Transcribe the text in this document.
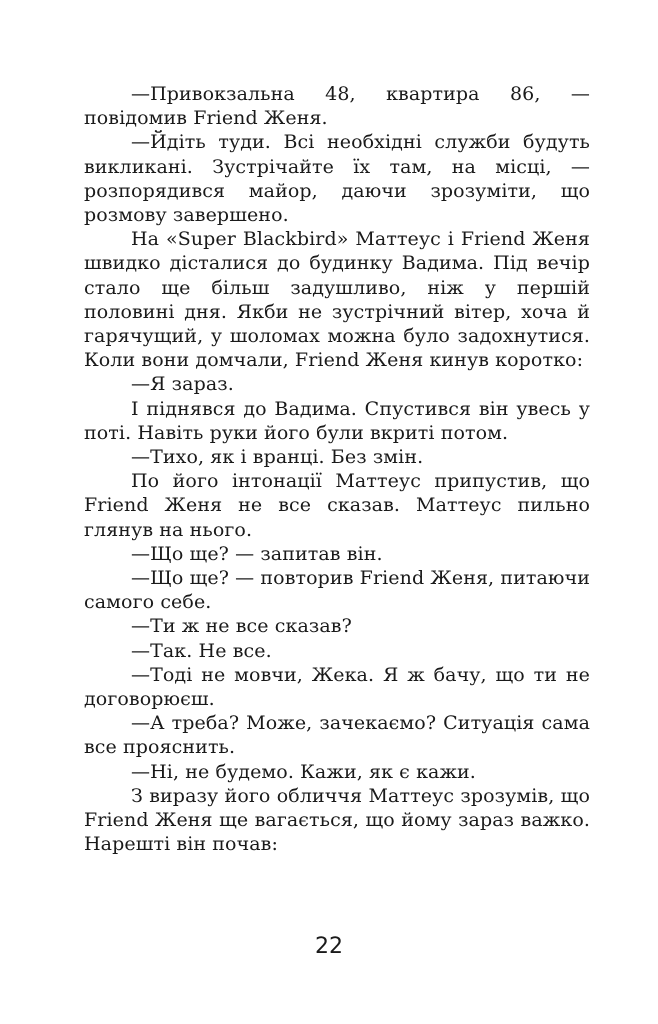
—Привокзальна 48, квартира 86, — повідомив Friend Женя.

—Йдіть туди. Всі необхідні служби будуть викликані. Зустрічайте їх там, на місці, — розпорядився майор, даючи зрозуміти, що розмову завершено.

На «Super Blackbird» Маттеус і Friend Женя швидко дісталися до будинку Вадима. Під вечір стало ще більш задушливо, ніж у першій половині дня. Якби не зустрічний вітер, хоча й гарячущий, у шоломах можна було задохнутися. Коли вони домчали, Friend Женя кинув коротко:

—Я зараз.

І піднявся до Вадима. Спустився він увесь у поті. Навіть руки його були вкриті потом.

—Тихо, як і вранці. Без змін.

По його інтонації Маттеус припустив, що Friend Женя не все сказав. Маттеус пильно глянув на нього.

—Що ще? — запитав він.

—Що ще? — повторив Friend Женя, питаючи самого себе.

—Ти ж не все сказав?

—Так. Не все.

—Тоді не мовчи, Жека. Я ж бачу, що ти не договорюєш.

—А треба? Може, зачекаємо? Ситуація сама все прояснить.

—Ні, не будемо. Кажи, як є кажи.

З виразу його обличчя Маттеус зрозумів, що Friend Женя ще вагається, що йому зараз важко. Нарешті він почав:

22
